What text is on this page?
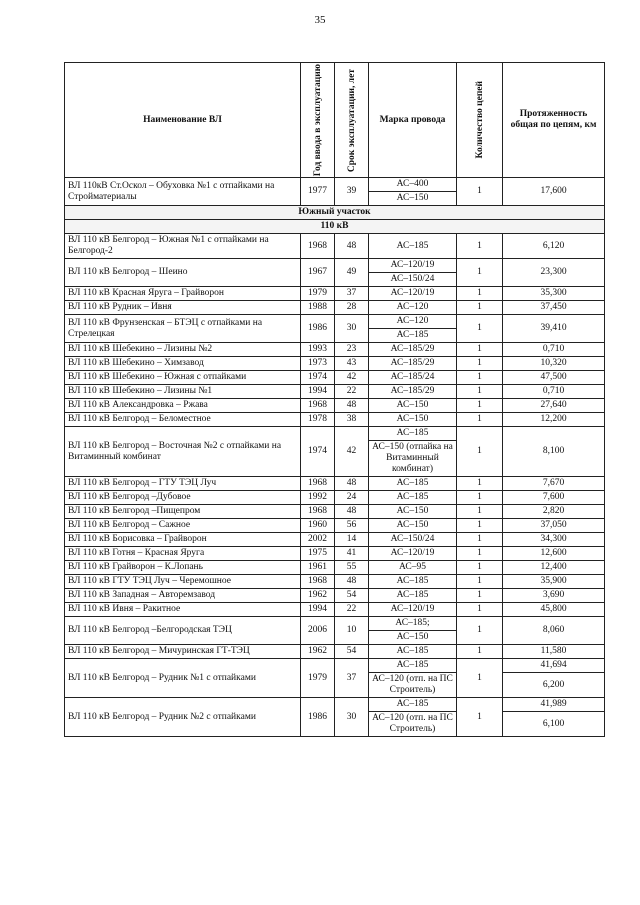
35
Наименование ВЛ	Год ввода в эксплуатацию	Срок эксплуатации, лет	Марка провода	Количество цепей	Протяженность общая по цепям, км
ВЛ 110кВ Ст.Оскол – Обуховка №1 с отпайками на Стройматериалы	1977	39	АС–400	1	17,600
			АС–150		
Южный участок					
110 кВ					
ВЛ 110 кВ Белгород – Южная №1 с отпайками на Белгород-2	1968	48	АС–185	1	6,120
ВЛ 110 кВ Белгород – Шеино	1967	49	АС–120/19	1	23,300
			АС–150/24		
ВЛ 110 кВ Красная Яруга – Грайворон	1979	37	АС–120/19	1	35,300
ВЛ 110 кВ Рудник – Ивня	1988	28	АС–120	1	37,450
ВЛ 110 кВ Фрунзенская – БТЭЦ с отпайками на Стрелецкая	1986	30	АС–120	1	39,410
			АС–185		
ВЛ 110 кВ Шебекино – Лизины №2	1993	23	АС–185/29	1	0,710
ВЛ 110 кВ Шебекино – Химзавод	1973	43	АС–185/29	1	10,320
ВЛ 110 кВ Шебекино – Южная с отпайками	1974	42	АС–185/24	1	47,500
ВЛ 110 кВ Шебекино – Лизины №1	1994	22	АС–185/29	1	0,710
ВЛ 110 кВ Александровка – Ржава	1968	48	АС–150	1	27,640
ВЛ 110 кВ Белгород – Беломестное	1978	38	АС–150	1	12,200
ВЛ 110 кВ Белгород – Восточная №2 с отпайками на Витаминный комбинат	1974	42	АС–185	1	8,100
			АС–150 (отпайка на Витаминный комбинат)		
ВЛ 110 кВ Белгород – ГТУ ТЭЦ Луч	1968	48	АС–185	1	7,670
ВЛ 110 кВ Белгород –Дубовое	1992	24	АС–185	1	7,600
ВЛ 110 кВ Белгород –Пищепром	1968	48	АС–150	1	2,820
ВЛ 110 кВ Белгород – Сажное	1960	56	АС–150	1	37,050
ВЛ 110 кВ Борисовка – Грайворон	2002	14	АС–150/24	1	34,300
ВЛ 110 кВ Готня – Красная Яруга	1975	41	АС–120/19	1	12,600
ВЛ 110 кВ Грайворон – К.Лопань	1961	55	АС–95	1	12,400
ВЛ 110 кВ ГТУ ТЭЦ Луч – Черемошное	1968	48	АС–185	1	35,900
ВЛ 110 кВ Западная – Авторемзавод	1962	54	АС–185	1	3,690
ВЛ 110 кВ Ивня – Ракитное	1994	22	АС–120/19	1	45,800
ВЛ 110 кВ Белгород –Белгородская ТЭЦ	2006	10	АС–185;	1	8,060
			АС–150		
ВЛ 110 кВ Белгород – Мичуринская ГТ-ТЭЦ	1962	54	АС–185	1	11,580
ВЛ 110 кВ Белгород – Рудник №1 с отпайками	1979	37	АС–185	1	41,694
			АС–120 (отп. на ПС Строитель)		6,200
ВЛ 110 кВ Белгород – Рудник №2 с отпайками	1986	30	АС–185	1	41,989
			АС–120 (отп. на ПС Строитель)		6,100
